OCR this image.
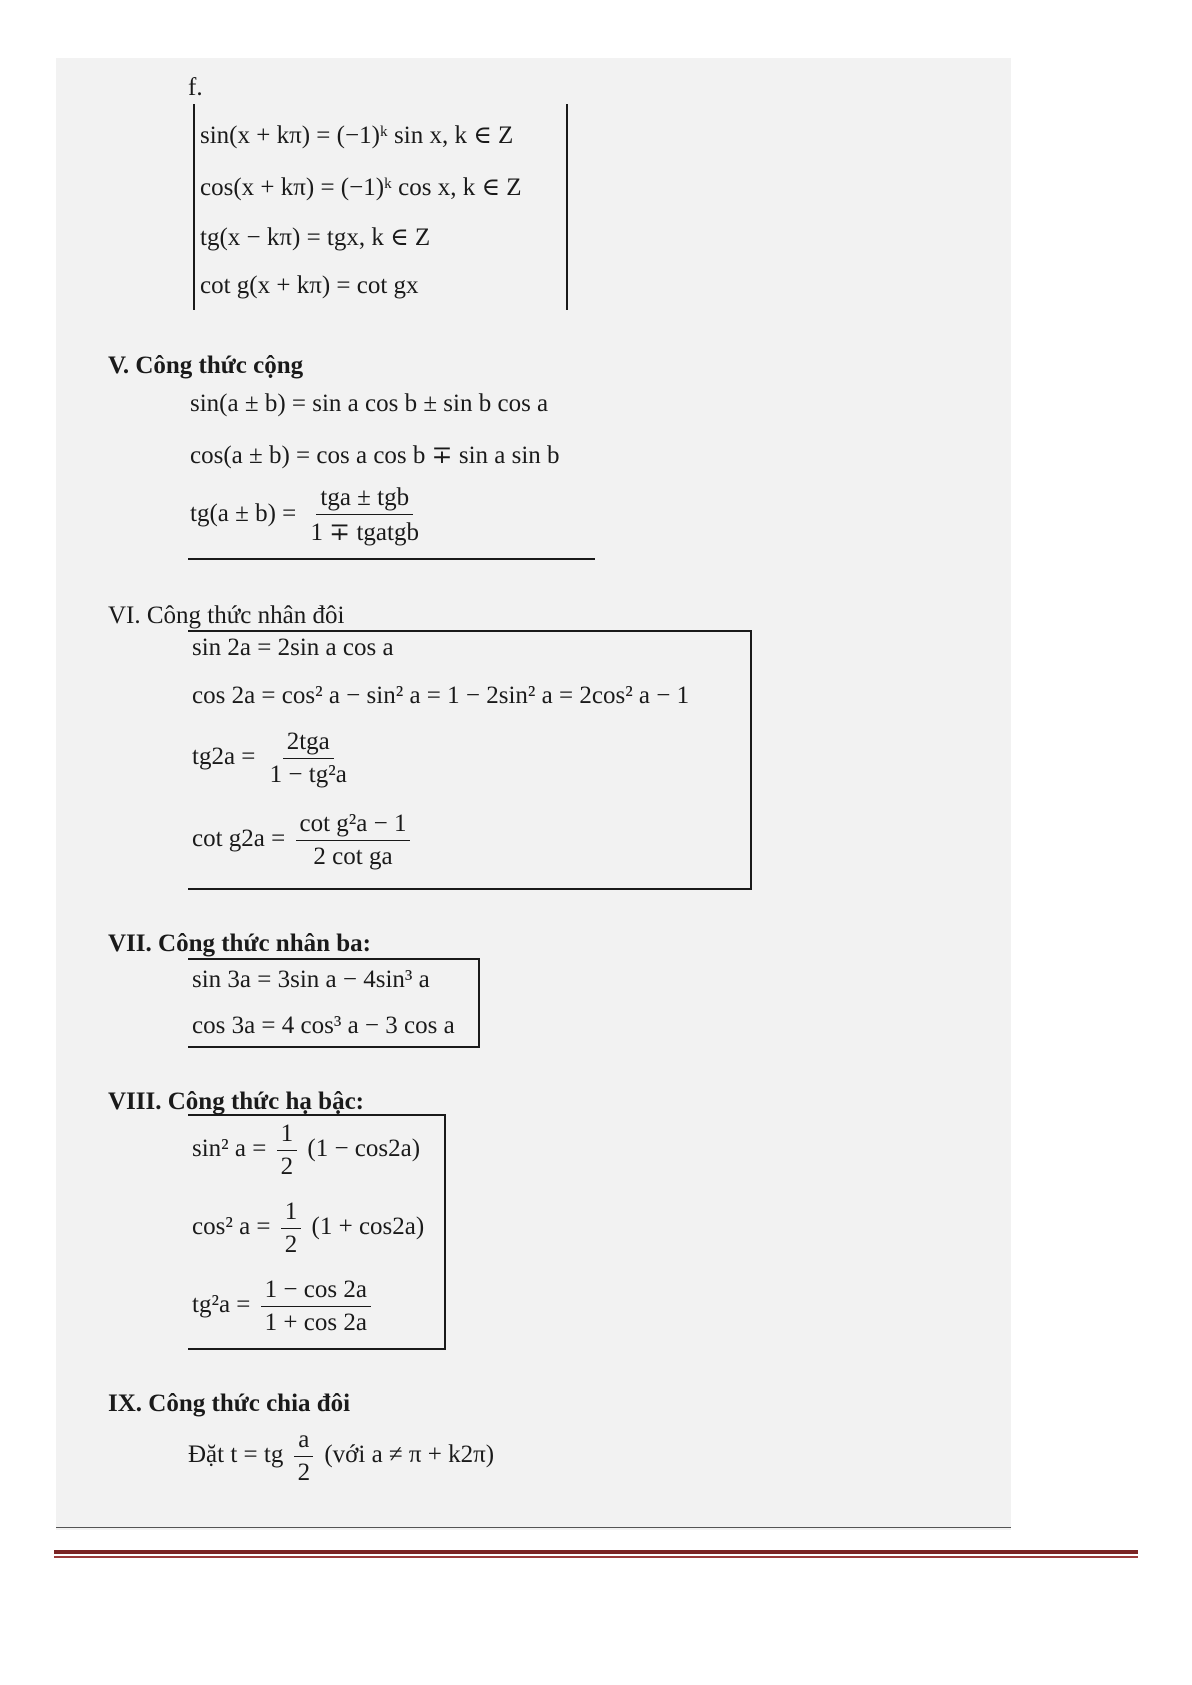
f.
sin(x + kπ) = (−1)ᵏ sin x, k ∈ Z
cos(x + kπ) = (−1)ᵏ cos x, k ∈ Z
tg(x − kπ) = tgx, k ∈ Z
cot g(x + kπ) = cot gx
V. Công thức cộng
sin(a ± b) = sin a cos b ± sin b cos a
cos(a ± b) = cos a cos b ∓ sin a sin b
$tg(a \pm b) = \frac{\text{tga ± tgb}}{\text{1 ∓ tgatgb}}$
VI. Công thức nhân đôi
sin 2a = 2sin a cos a
cos 2a = cos² a − sin² a = 1 − 2sin² a = 2cos² a − 1
$tg2a = \frac{\text{2tga}}{\text{1 − tg²a}}$
$\cot g2a = \frac{\text{cot g²a − 1}}{\text{2 cot ga}}$
VII. Công thức nhân ba:
sin 3a = 3sin a − 4sin³ a
cos 3a = 4 cos³ a − 3 cos a
VIII. Công thức hạ bậc:
sin² $a = \frac{1}{2} (1 - \cos 2a)$
cos² $a = \frac{1}{2} (1 + \cos 2a)$
$tg^2a = \frac{1 - \cos 2a}{1 + \cos 2a}$
IX. Công thức chia đôi
Đặt t = tg $\frac{a}{2}$ (với a ≠ π + k2π)
